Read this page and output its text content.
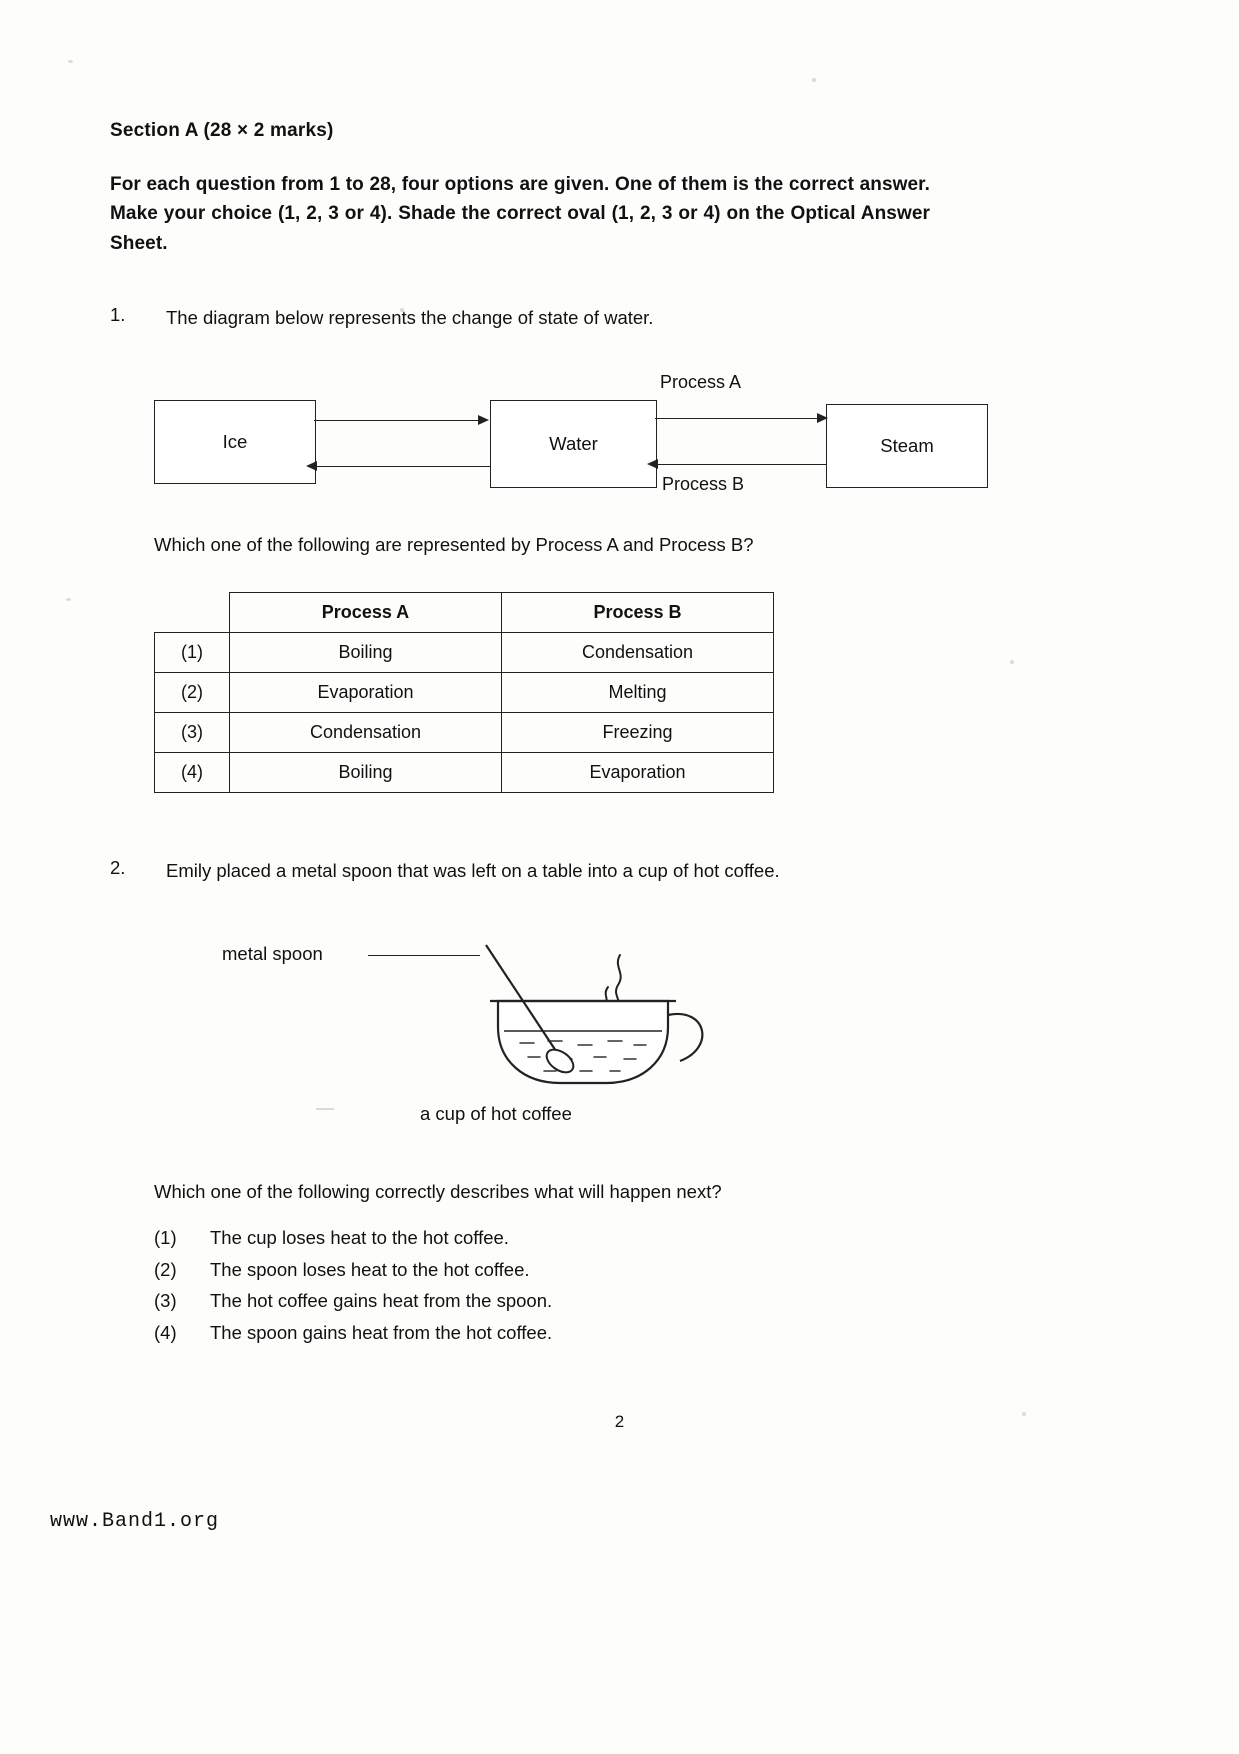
Section A (28 × 2 marks)

For each question from 1 to 28, four options are given. One of them is the correct answer. Make your choice (1, 2, 3 or 4). Shade the correct oval (1, 2, 3 or 4) on the Optical Answer Sheet.

1. The diagram below represents the change of state of water.
Ice	Water	Steam
Process A
Process B
Which one of the following are represented by Process A and Process B?
	Process A	Process B
(1)	Boiling	Condensation
(2)	Evaporation	Melting
(3)	Condensation	Freezing
(4)	Boiling	Evaporation
2. Emily placed a metal spoon that was left on a table into a cup of hot coffee.
metal spoon
a cup of hot coffee
Which one of the following correctly describes what will happen next?
(1)	The cup loses heat to the hot coffee.
(2)	The spoon loses heat to the hot coffee.
(3)	The hot coffee gains heat from the spoon.
(4)	The spoon gains heat from the hot coffee.
2
www.Band1.org
